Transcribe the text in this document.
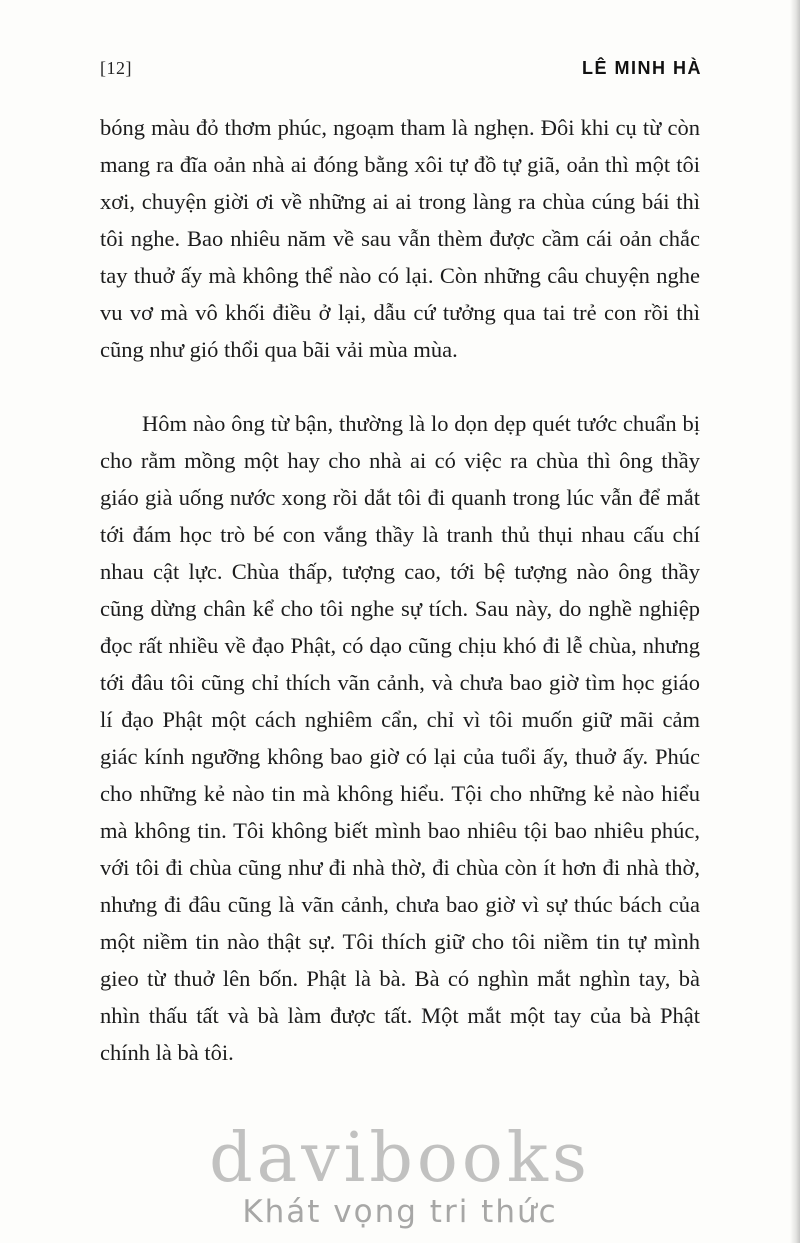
[12]	LÊ MINH HÀ

bóng màu đỏ thơm phúc, ngoạm tham là nghẹn. Đôi khi cụ từ còn mang ra đĩa oản nhà ai đóng bằng xôi tự đồ tự giã, oản thì một tôi xơi, chuyện giời ơi về những ai ai trong làng ra chùa cúng bái thì tôi nghe. Bao nhiêu năm về sau vẫn thèm được cầm cái oản chắc tay thuở ấy mà không thể nào có lại. Còn những câu chuyện nghe vu vơ mà vô khối điều ở lại, dẫu cứ tưởng qua tai trẻ con rồi thì cũng như gió thổi qua bãi vải mùa mùa.

Hôm nào ông từ bận, thường là lo dọn dẹp quét tước chuẩn bị cho rằm mồng một hay cho nhà ai có việc ra chùa thì ông thầy giáo già uống nước xong rồi dắt tôi đi quanh trong lúc vẫn để mắt tới đám học trò bé con vắng thầy là tranh thủ thụi nhau cấu chí nhau cật lực. Chùa thấp, tượng cao, tới bệ tượng nào ông thầy cũng dừng chân kể cho tôi nghe sự tích. Sau này, do nghề nghiệp đọc rất nhiều về đạo Phật, có dạo cũng chịu khó đi lễ chùa, nhưng tới đâu tôi cũng chỉ thích vãn cảnh, và chưa bao giờ tìm học giáo lí đạo Phật một cách nghiêm cẩn, chỉ vì tôi muốn giữ mãi cảm giác kính ngưỡng không bao giờ có lại của tuổi ấy, thuở ấy. Phúc cho những kẻ nào tin mà không hiểu. Tội cho những kẻ nào hiểu mà không tin. Tôi không biết mình bao nhiêu tội bao nhiêu phúc, với tôi đi chùa cũng như đi nhà thờ, đi chùa còn ít hơn đi nhà thờ, nhưng đi đâu cũng là vãn cảnh, chưa bao giờ vì sự thúc bách của một niềm tin nào thật sự. Tôi thích giữ cho tôi niềm tin tự mình gieo từ thuở lên bốn. Phật là bà. Bà có nghìn mắt nghìn tay, bà nhìn thấu tất và bà làm được tất. Một mắt một tay của bà Phật chính là bà tôi.

davibooks
Khát vọng tri thức
